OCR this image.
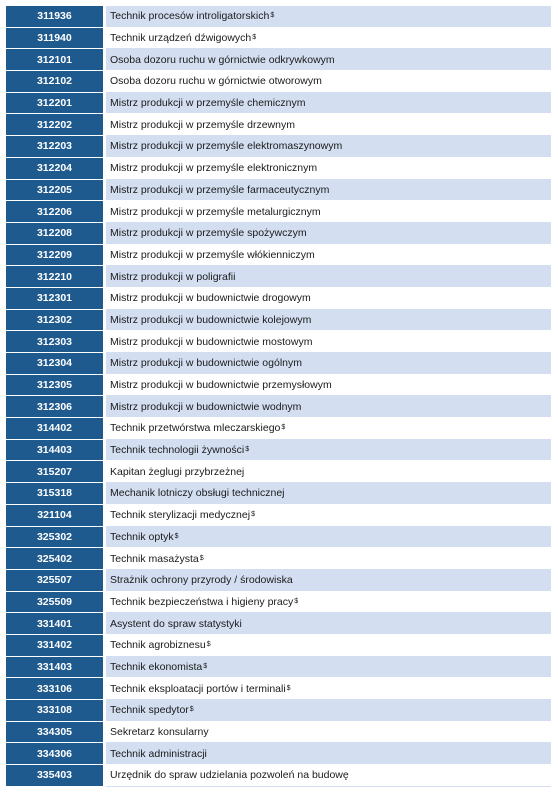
311936	Technik procesów introligatorskich $
311940	Technik urządzeń dźwigowych $
312101	Osoba dozoru ruchu w górnictwie odkrywkowym
312102	Osoba dozoru ruchu w górnictwie otworowym
312201	Mistrz produkcji w przemyśle chemicznym
312202	Mistrz produkcji w przemyśle drzewnym
312203	Mistrz produkcji w przemyśle elektromaszynowym
312204	Mistrz produkcji w przemyśle elektronicznym
312205	Mistrz produkcji w przemyśle farmaceutycznym
312206	Mistrz produkcji w przemyśle metalurgicznym
312208	Mistrz produkcji w przemyśle spożywczym
312209	Mistrz produkcji w przemyśle włókienniczym
312210	Mistrz produkcji w poligrafii
312301	Mistrz produkcji w budownictwie drogowym
312302	Mistrz produkcji w budownictwie kolejowym
312303	Mistrz produkcji w budownictwie mostowym
312304	Mistrz produkcji w budownictwie ogólnym
312305	Mistrz produkcji w budownictwie przemysłowym
312306	Mistrz produkcji w budownictwie wodnym
314402	Technik przetwórstwa mleczarskiego $
314403	Technik technologii żywności $
315207	Kapitan żeglugi przybrzeżnej
315318	Mechanik lotniczy obsługi technicznej
321104	Technik sterylizacji medycznej $
325302	Technik optyk $
325402	Technik masażysta $
325507	Strażnik ochrony przyrody / środowiska
325509	Technik bezpieczeństwa i higieny pracy $
331401	Asystent do spraw statystyki
331402	Technik agrobiznesu $
331403	Technik ekonomista $
333106	Technik eksploatacji portów i terminali $
333108	Technik spedytor $
334305	Sekretarz konsularny
334306	Technik administracji
335403	Urzędnik do spraw udzielania pozwoleń na budowę
